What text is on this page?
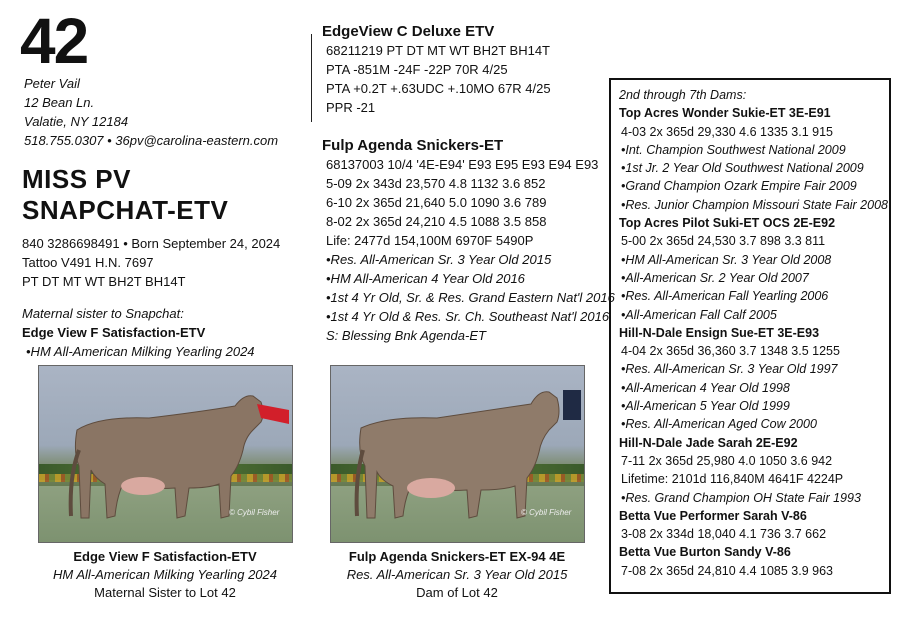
42
Peter Vail
12 Bean Ln.
Valatie, NY 12184
518.755.0307 • 36pv@carolina-eastern.com
MISS PV
SNAPCHAT-ETV
840 3286698491 • Born September 24, 2024
Tattoo V491 H.N. 7697
PT DT MT WT BH2T BH14T
Maternal sister to Snapchat:
Edge View F Satisfaction-ETV
•HM All-American Milking Yearling 2024
EdgeView C Deluxe ETV
68211219 PT DT MT WT BH2T BH14T
PTA -851M -24F -22P 70R 4/25
PTA +0.2T +.63UDC +.10MO 67R 4/25
PPR -21
Fulp Agenda Snickers-ET
68137003 10/4 '4E-E94' E93 E95 E93 E94 E93
5-09 2x 343d 23,570 4.8 1132 3.6 852
6-10 2x 365d 21,640 5.0 1090 3.6 789
8-02 2x 365d 24,210 4.5 1088 3.5 858
Life: 2477d 154,100M 6970F 5490P
•Res. All-American Sr. 3 Year Old 2015
•HM All-American 4 Year Old 2016
•1st 4 Yr Old, Sr. & Res. Grand Eastern Nat'l 2016
•1st 4 Yr Old & Res. Sr. Ch. Southeast Nat'l 2016
S: Blessing Bnk Agenda-ET
© Cybil Fisher	© Cybil Fisher
Edge View F Satisfaction-ETV
HM All-American Milking Yearling 2024
Maternal Sister to Lot 42
Fulp Agenda Snickers-ET EX-94 4E
Res. All-American Sr. 3 Year Old 2015
Dam of Lot 42
2nd through 7th Dams:
Top Acres Wonder Sukie-ET 3E-E91
4-03 2x 365d 29,330 4.6 1335 3.1 915
•Int. Champion Southwest National 2009
•1st Jr. 2 Year Old Southwest National 2009
•Grand Champion Ozark Empire Fair 2009
•Res. Junior Champion Missouri State Fair 2008
Top Acres Pilot Suki-ET OCS 2E-E92
5-00 2x 365d 24,530 3.7 898 3.3 811
•HM All-American Sr. 3 Year Old 2008
•All-American Sr. 2 Year Old 2007
•Res. All-American Fall Yearling 2006
•All-American Fall Calf 2005
Hill-N-Dale Ensign Sue-ET 3E-E93
4-04 2x 365d 36,360 3.7 1348 3.5 1255
•Res. All-American Sr. 3 Year Old 1997
•All-American 4 Year Old 1998
•All-American 5 Year Old 1999
•Res. All-American Aged Cow 2000
Hill-N-Dale Jade Sarah 2E-E92
7-11 2x 365d 25,980 4.0 1050 3.6 942
Lifetime: 2101d 116,840M 4641F 4224P
•Res. Grand Champion OH State Fair 1993
Betta Vue Performer Sarah V-86
3-08 2x 334d 18,040 4.1 736 3.7 662
Betta Vue Burton Sandy V-86
7-08 2x 365d 24,810 4.4 1085 3.9 963
